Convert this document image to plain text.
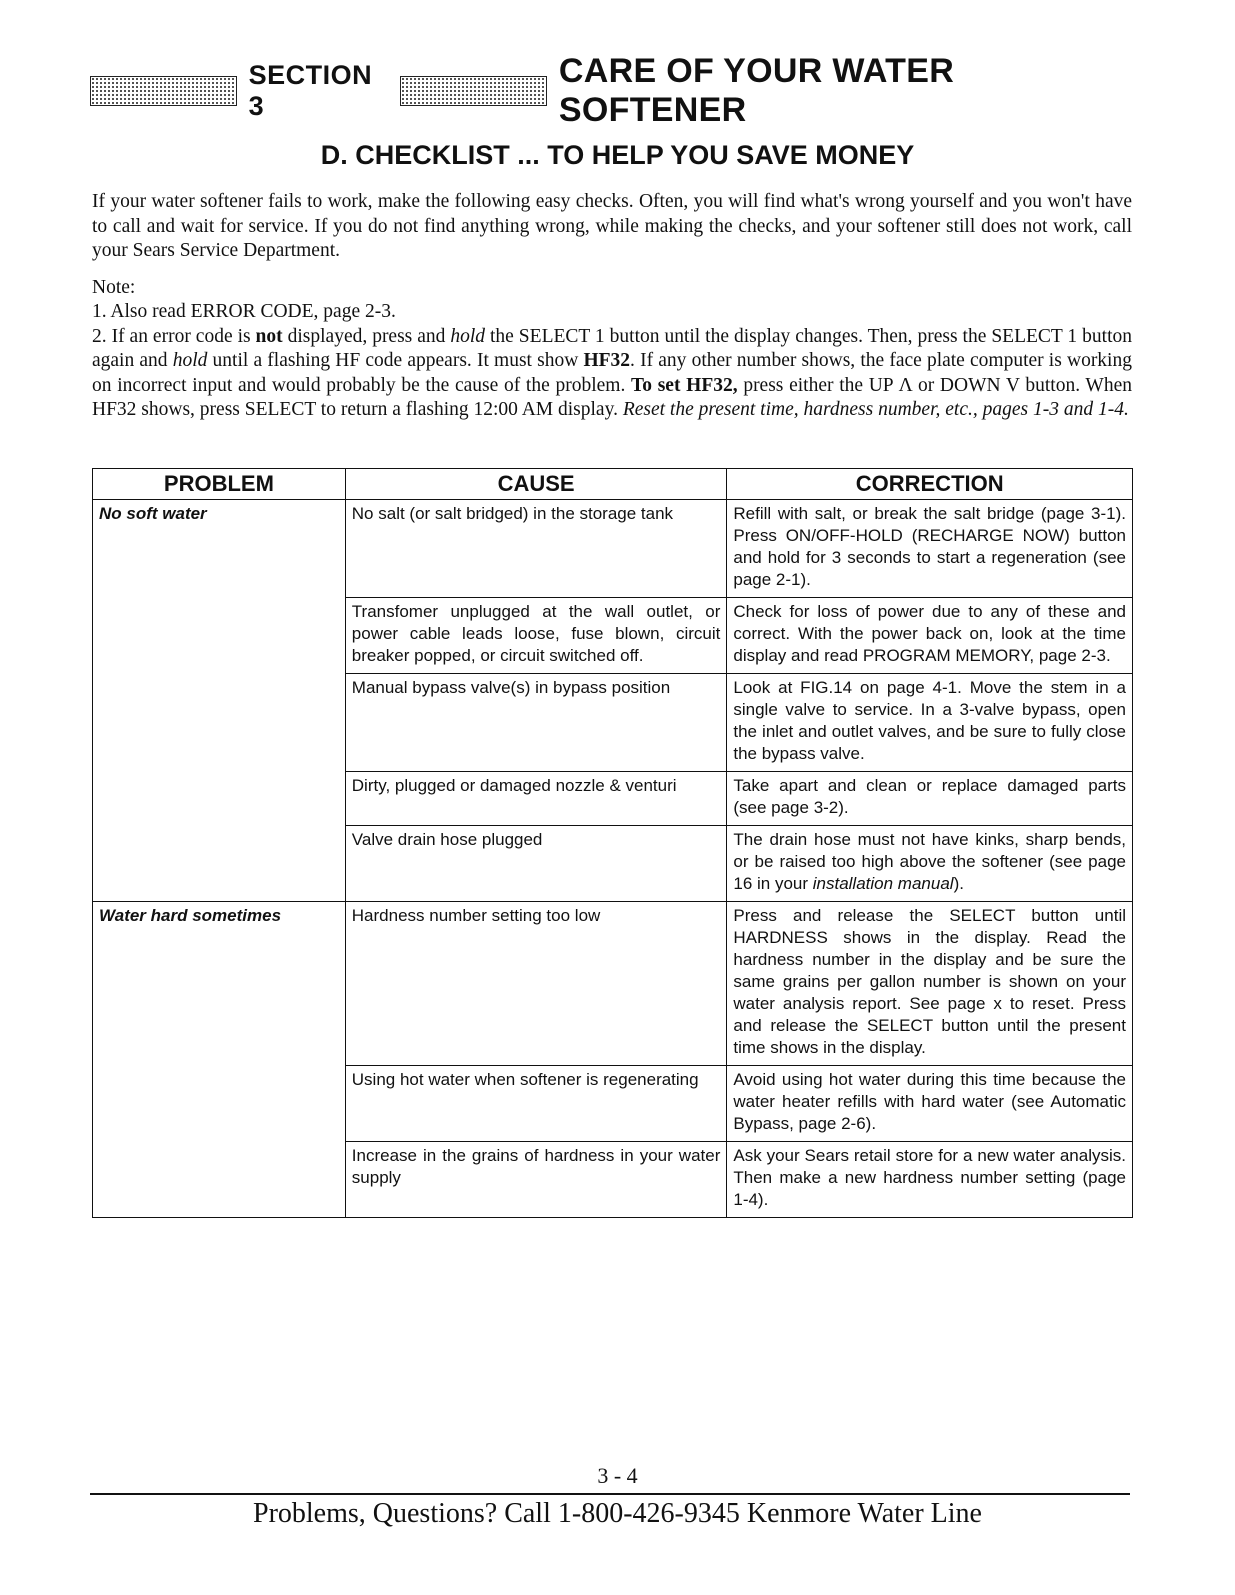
SECTION 3
CARE OF YOUR WATER SOFTENER
D. CHECKLIST ... TO HELP YOU SAVE MONEY

If your water softener fails to work, make the following easy checks. Often, you will find what's wrong yourself and you won't have to call and wait for service. If you do not find anything wrong, while making the checks, and your softener still does not work, call your Sears Service Department.

Note:

1. Also read ERROR CODE, page 2-3.

2. If an error code is not displayed, press and hold the SELECT 1 button until the display changes. Then, press the SELECT 1 button again and hold until a flashing HF code appears. It must show HF32. If any other number shows, the face plate computer is working on incorrect input and would probably be the cause of the problem. To set HF32, press either the UP Λ or DOWN V button. When HF32 shows, press SELECT to return a flashing 12:00 AM display. Reset the present time, hardness number, etc., pages 1-3 and 1-4.

PROBLEM	CAUSE	CORRECTION
No soft water	No salt (or salt bridged) in the storage tank	Refill with salt, or break the salt bridge (page 3-1). Press ON/OFF-HOLD (RECHARGE NOW) button and hold for 3 seconds to start a regeneration (see page 2-1).
	Transfomer unplugged at the wall outlet, or power cable leads loose, fuse blown, circuit breaker popped, or circuit switched off.	Check for loss of power due to any of these and correct. With the power back on, look at the time display and read PROGRAM MEMORY, page 2-3.
	Manual bypass valve(s) in bypass position	Look at FIG.14 on page 4-1. Move the stem in a single valve to service. In a 3-valve bypass, open the inlet and outlet valves, and be sure to fully close the bypass valve.
	Dirty, plugged or damaged nozzle & venturi	Take apart and clean or replace damaged parts (see page 3-2).
	Valve drain hose plugged	The drain hose must not have kinks, sharp bends, or be raised too high above the softener (see page 16 in your installation manual).
Water hard sometimes	Hardness number setting too low	Press and release the SELECT button until HARDNESS shows in the display. Read the hardness number in the display and be sure the same grains per gallon number is shown on your water analysis report. See page x to reset. Press and release the SELECT button until the present time shows in the display.
	Using hot water when softener is regenerating	Avoid using hot water during this time because the water heater refills with hard water (see Automatic Bypass, page 2-6).
	Increase in the grains of hardness in your water supply	Ask your Sears retail store for a new water analysis. Then make a new hardness number setting (page 1-4).
3 - 4
Problems, Questions? Call 1-800-426-9345 Kenmore Water Line
